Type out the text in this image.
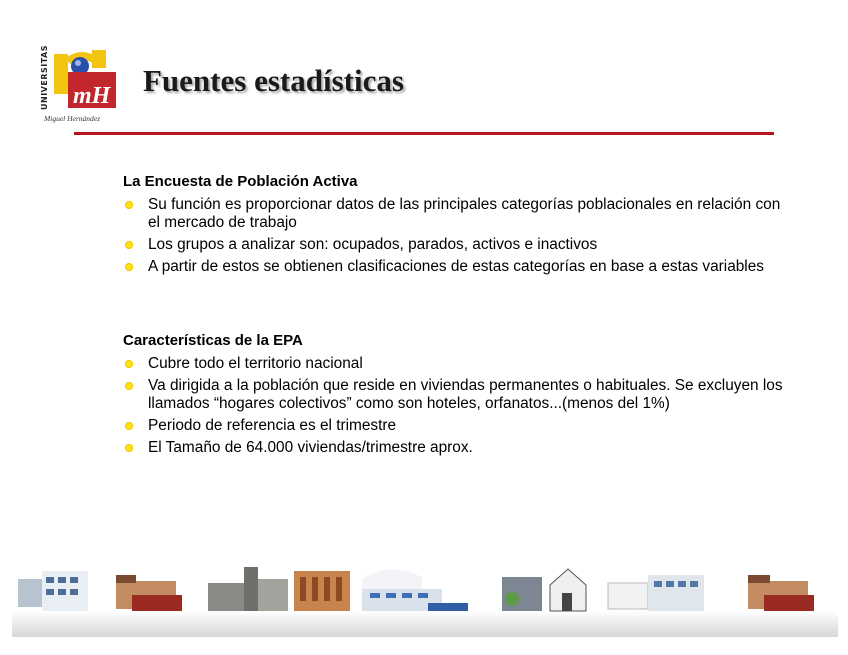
UNIVERSITAS mH
Miguel Hernández
Fuentes estadísticas
La Encuesta de Población Activa
Su función es proporcionar datos de las principales categorías poblacionales en relación con el mercado de trabajo
Los grupos a analizar son: ocupados, parados, activos e inactivos
A partir de estos se obtienen clasificaciones de estas categorías en base a estas variables
Características de la EPA
Cubre todo el territorio nacional
Va dirigida a la población que reside en viviendas permanentes o habituales. Se excluyen los llamados “hogares colectivos” como son hoteles, orfanatos...(menos del 1%)
Periodo de referencia es el trimestre
El Tamaño de 64.000 viviendas/trimestre aprox.
